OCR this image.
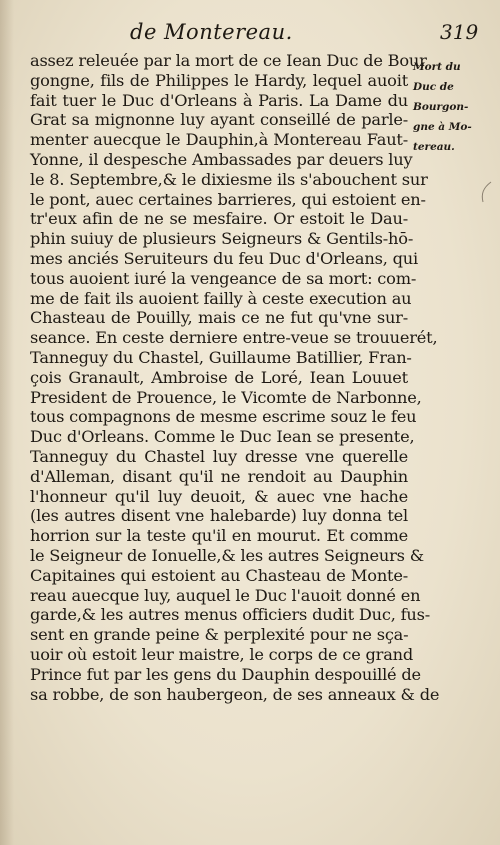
de Montereau.	319
assez releuée par la mort de ce Iean Duc de Bour
gongne, fils de Philippes le Hardy, lequel auoit
fait tuer le Duc d'Orleans à Paris. La Dame du
Grat sa mignonne luy ayant conseillé de parle-
menter auecque le Dauphin,à Montereau Faut-
Yonne, il despesche Ambassades par deuers luy
le 8. Septembre,& le dixiesme ils s'abouchent sur
le pont, auec certaines barrieres, qui estoient en-
tr'eux afin de ne se mesfaire. Or estoit le Dau-
phin suiuy de plusieurs Seigneurs & Gentils-hō-
mes anciés Seruiteurs du feu Duc d'Orleans, qui
tous auoient iuré la vengeance de sa mort: com-
me de fait ils auoient failly à ceste execution au
Chasteau de Pouilly, mais ce ne fut qu'vne sur-
seance. En ceste derniere entre-veue se trouuerét,
Tanneguy du Chastel, Guillaume Batillier, Fran-
çois Granault, Ambroise de Loré, Iean Louuet
President de Prouence, le Vicomte de Narbonne,
tous compagnons de mesme escrime souz le feu
Duc d'Orleans. Comme le Duc Iean se presente,
Tanneguy du Chastel luy dresse vne querelle
d'Alleman, disant qu'il ne rendoit au Dauphin
l'honneur qu'il luy deuoit, & auec vne hache
(les autres disent vne halebarde) luy donna tel
horrion sur la teste qu'il en mourut. Et comme
le Seigneur de Ionuelle,& les autres Seigneurs &
Capitaines qui estoient au Chasteau de Monte-
reau auecque luy, auquel le Duc l'auoit donné en
garde,& les autres menus officiers dudit Duc, fus-
sent en grande peine & perplexité pour ne sça-
uoir où estoit leur maistre, le corps de ce grand
Prince fut par les gens du Dauphin despouillé de
sa robbe, de son haubergeon, de ses anneaux & de
Mort du
Duc de
Bourgon-
gne à Mo-
tereau.
